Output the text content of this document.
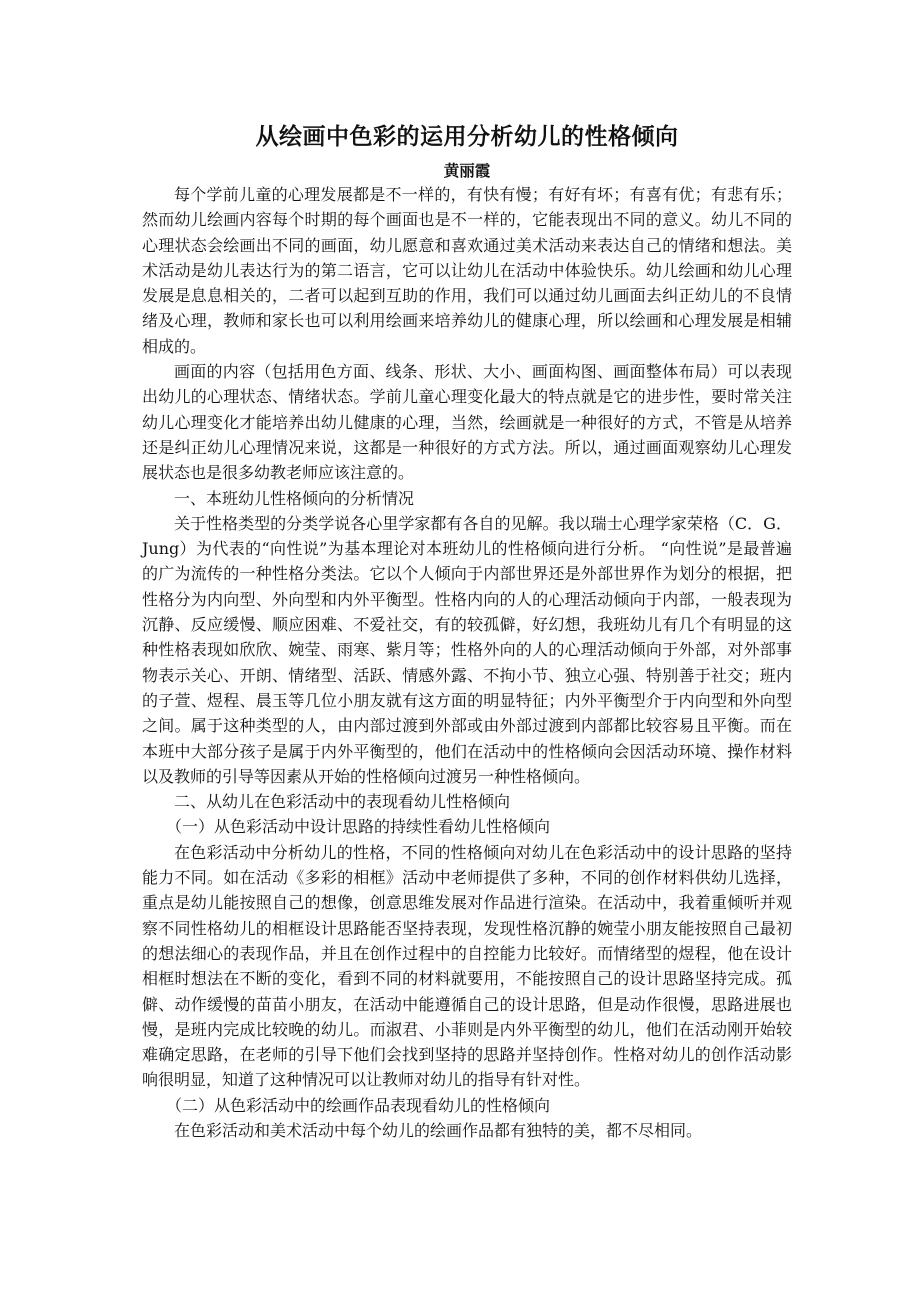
从绘画中色彩的运用分析幼儿的性格倾向
黄丽霞

每个学前儿童的心理发展都是不一样的，有快有慢；有好有坏；有喜有优；有悲有乐；然而幼儿绘画内容每个时期的每个画面也是不一样的，它能表现出不同的意义。幼儿不同的心理状态会绘画出不同的画面，幼儿愿意和喜欢通过美术活动来表达自己的情绪和想法。美术活动是幼儿表达行为的第二语言，它可以让幼儿在活动中体验快乐。幼儿绘画和幼儿心理发展是息息相关的，二者可以起到互助的作用，我们可以通过幼儿画面去纠正幼儿的不良情绪及心理，教师和家长也可以利用绘画来培养幼儿的健康心理，所以绘画和心理发展是相辅相成的。

画面的内容（包括用色方面、线条、形状、大小、画面构图、画面整体布局）可以表现出幼儿的心理状态、情绪状态。学前儿童心理变化最大的特点就是它的进步性，要时常关注幼儿心理变化才能培养出幼儿健康的心理，当然，绘画就是一种很好的方式，不管是从培养还是纠正幼儿心理情况来说，这都是一种很好的方式方法。所以，通过画面观察幼儿心理发展状态也是很多幼教老师应该注意的。

一、本班幼儿性格倾向的分析情况

关于性格类型的分类学说各心里学家都有各自的见解。我以瑞士心理学家荣格（C．G．Jung）为代表的“向性说”为基本理论对本班幼儿的性格倾向进行分析。 “向性说”是最普遍的广为流传的一种性格分类法。它以个人倾向于内部世界还是外部世界作为划分的根据，把性格分为内向型、外向型和内外平衡型。性格内向的人的心理活动倾向于内部，一般表现为沉静、反应缓慢、顺应困难、不爱社交，有的较孤僻，好幻想，我班幼儿有几个有明显的这种性格表现如欣欣、婉莹、雨寒、紫月等；性格外向的人的心理活动倾向于外部，对外部事物表示关心、开朗、情绪型、活跃、情感外露、不拘小节、独立心强、特别善于社交；班内的子萱、煜程、晨玉等几位小朋友就有这方面的明显特征；内外平衡型介于内向型和外向型之间。属于这种类型的人，由内部过渡到外部或由外部过渡到内部都比较容易且平衡。而在本班中大部分孩子是属于内外平衡型的，他们在活动中的性格倾向会因活动环境、操作材料以及教师的引导等因素从开始的性格倾向过渡另一种性格倾向。

二、从幼儿在色彩活动中的表现看幼儿性格倾向

（一）从色彩活动中设计思路的持续性看幼儿性格倾向

在色彩活动中分析幼儿的性格，不同的性格倾向对幼儿在色彩活动中的设计思路的坚持能力不同。如在活动《多彩的相框》活动中老师提供了多种，不同的创作材料供幼儿选择，重点是幼儿能按照自己的想像，创意思维发展对作品进行渲染。在活动中，我着重倾听并观察不同性格幼儿的相框设计思路能否坚持表现，发现性格沉静的婉莹小朋友能按照自己最初的想法细心的表现作品，并且在创作过程中的自控能力比较好。而情绪型的煜程，他在设计相框时想法在不断的变化，看到不同的材料就要用，不能按照自己的设计思路坚持完成。孤僻、动作缓慢的苗苗小朋友，在活动中能遵循自己的设计思路，但是动作很慢，思路进展也慢，是班内完成比较晚的幼儿。而淑君、小菲则是内外平衡型的幼儿，他们在活动刚开始较难确定思路，在老师的引导下他们会找到坚持的思路并坚持创作。性格对幼儿的创作活动影响很明显，知道了这种情况可以让教师对幼儿的指导有针对性。

（二）从色彩活动中的绘画作品表现看幼儿的性格倾向

在色彩活动和美术活动中每个幼儿的绘画作品都有独特的美，都不尽相同。
